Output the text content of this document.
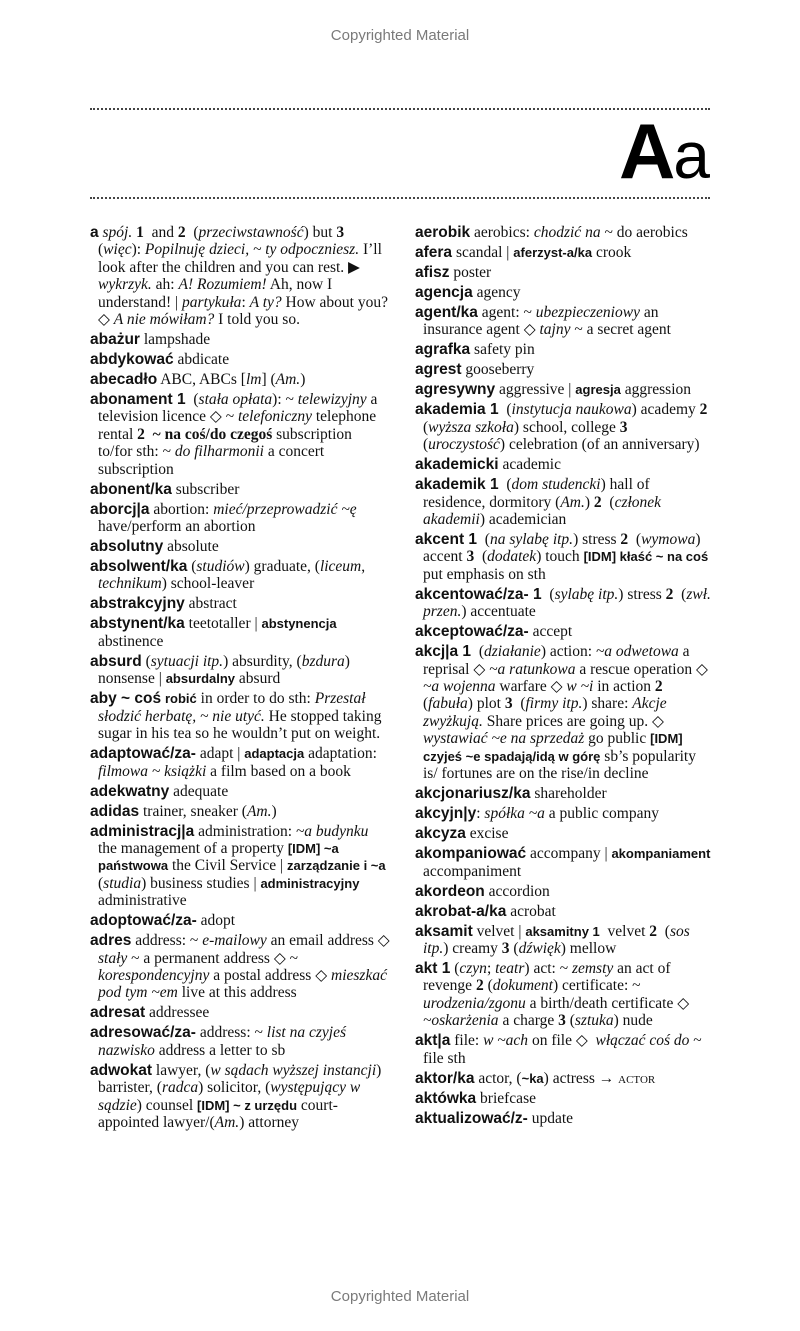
Copyrighted Material
Aa
a spój. 1  and 2  (przeciwstawność) but 3  (więc): Popilnuję dzieci, ~ ty odpoczniesz. I’ll look after the children and you can rest. ▶  wykrzyk. ah: A! Rozumiem! Ah, now I understand! | partykuła: A ty? How about you? ◇ A nie mówiłam? I told you so.
abażur lampshade
abdykować abdicate
abecadło ABC, ABCs [lm] (Am.)
abonament 1  (stała opłata): ~ telewizyjny a television licence ◇ ~ telefoniczny telephone rental 2  ~ na coś/do czegoś subscription to/for sth: ~ do filharmonii a concert subscription
abonent/ka subscriber
aborcj|a abortion: mieć/przeprowadzić ~ę have/perform an abortion
absolutny absolute
absolwent/ka (studiów) graduate, (liceum, technikum) school-leaver
abstrakcyjny abstract
abstynent/ka teetotaller | abstynencja abstinence
absurd (sytuacji itp.) absurdity, (bzdura) nonsense | absurdalny absurd
aby ~ coś robić in order to do sth: Przestał słodzić herbatę, ~ nie utyć. He stopped taking sugar in his tea so he wouldn’t put on weight.
adaptować/za- adapt | adaptacja adaptation: filmowa ~ książki a film based on a book
adekwatny adequate
adidas trainer, sneaker (Am.)
administracj|a administration: ~a budynku the management of a property [IDM] ~a państwowa the Civil Service | zarządzanie i ~a (studia) business studies | administracyjny administrative
adoptować/za- adopt
adres address: ~ e-mailowy an email address ◇ stały ~ a permanent address ◇ ~ korespondencyjny a postal address ◇ mieszkać pod tym ~em live at this address
adresat addressee
adresować/za- address: ~ list na czyjeś nazwisko address a letter to sb
adwokat lawyer, (w sądach wyższej instancji) barrister, (radca) solicitor, (występujący w sądzie) counsel [IDM] ~ z urzędu court-appointed lawyer/(Am.) attorney
aerobik aerobics: chodzić na ~ do aerobics
afera scandal | aferzyst-a/ka crook
afisz poster
agencja agency
agent/ka agent: ~ ubezpieczeniowy an insurance agent ◇ tajny ~ a secret agent
agrafka safety pin
agrest gooseberry
agresywny aggressive | agresja aggression
akademia 1  (instytucja naukowa) academy 2 (wyższa szkoła) school, college 3 (uroczystość) celebration (of an anniversary)
akademicki academic
akademik 1  (dom studencki) hall of residence, dormitory (Am.) 2  (członek akademii) academician
akcent 1  (na sylabę itp.) stress 2  (wymowa) accent 3  (dodatek) touch [IDM] kłaść ~ na coś put emphasis on sth
akcentować/za- 1  (sylabę itp.) stress 2  (zwł. przen.) accentuate
akceptować/za- accept
akcj|a 1  (działanie) action: ~a odwetowa a reprisal ◇ ~a ratunkowa a rescue operation ◇ ~a wojenna warfare ◇ w ~i in action 2  (fabuła) plot 3  (firmy itp.) share: Akcje zwyżkują. Share prices are going up. ◇ wystawiać ~e na sprzedaż go public [IDM] czyjeś ~e spadają/idą w górę sb’s popularity is/ fortunes are on the rise/in decline
akcjonariusz/ka shareholder
akcyjn|y: spółka ~a a public company
akcyza excise
akompaniować accompany | akompaniament accompaniment
akordeon accordion
akrobat-a/ka acrobat
aksamit velvet | aksamitny 1  velvet 2  (sos itp.) creamy 3 (dźwięk) mellow
akt 1 (czyn; teatr) act: ~ zemsty an act of revenge 2 (dokument) certificate: ~ urodzenia/zgonu a birth/death certificate ◇ ~oskarżenia a charge 3 (sztuka) nude
akt|a file: w ~ach on file ◇  włączać coś do ~ file sth
aktor/ka actor, (~ka) actress → actor
aktówka briefcase
aktualizować/z- update
Copyrighted Material
